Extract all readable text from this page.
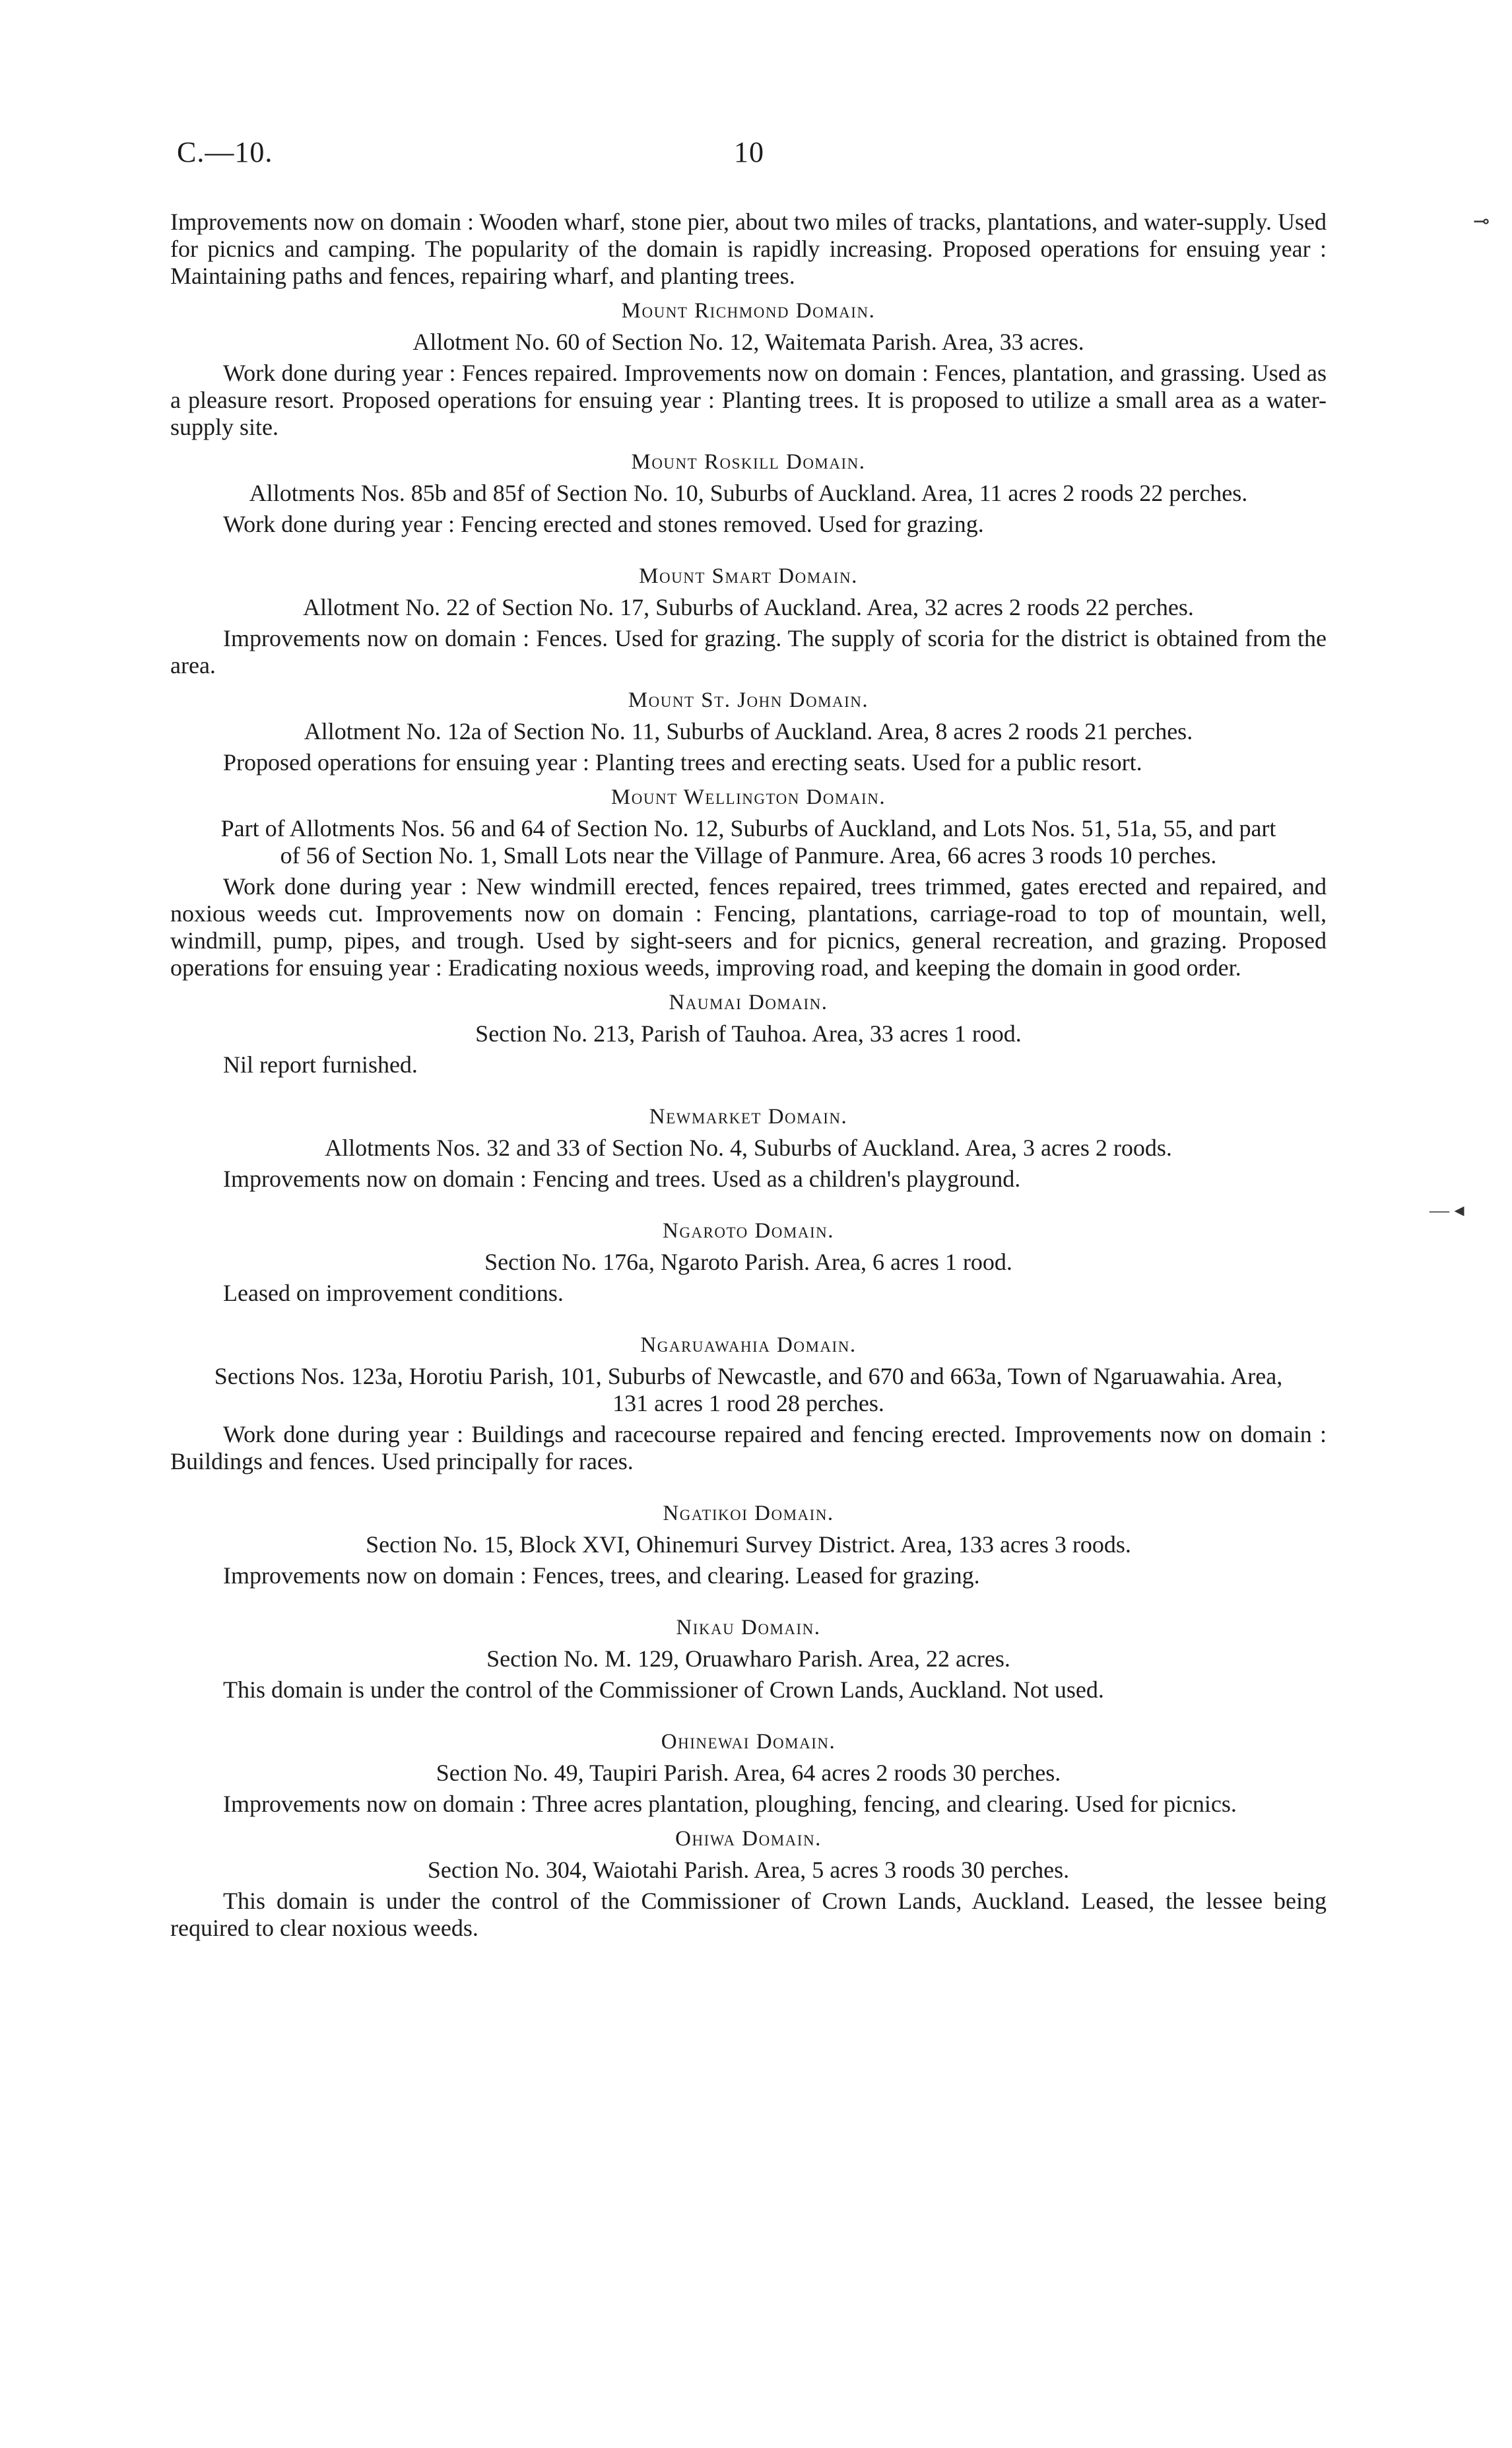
C.—10.	10

Improvements now on domain : Wooden wharf, stone pier, about two miles of tracks, plantations, and water-supply. Used for picnics and camping. The popularity of the domain is rapidly increasing. Proposed operations for ensuing year : Maintaining paths and fences, repairing wharf, and planting trees.

Mount Richmond Domain.
Allotment No. 60 of Section No. 12, Waitemata Parish. Area, 33 acres.

Work done during year : Fences repaired. Improvements now on domain : Fences, plantation, and grassing. Used as a pleasure resort. Proposed operations for ensuing year : Planting trees. It is proposed to utilize a small area as a water-supply site.

Mount Roskill Domain.
Allotments Nos. 85b and 85f of Section No. 10, Suburbs of Auckland. Area, 11 acres 2 roods 22 perches.

Work done during year : Fencing erected and stones removed. Used for grazing.

Mount Smart Domain.
Allotment No. 22 of Section No. 17, Suburbs of Auckland. Area, 32 acres 2 roods 22 perches.

Improvements now on domain : Fences. Used for grazing. The supply of scoria for the district is obtained from the area.

Mount St. John Domain.
Allotment No. 12a of Section No. 11, Suburbs of Auckland. Area, 8 acres 2 roods 21 perches.

Proposed operations for ensuing year : Planting trees and erecting seats. Used for a public resort.

Mount Wellington Domain.
Part of Allotments Nos. 56 and 64 of Section No. 12, Suburbs of Auckland, and Lots Nos. 51, 51a, 55, and part of 56 of Section No. 1, Small Lots near the Village of Panmure. Area, 66 acres 3 roods 10 perches.

Work done during year : New windmill erected, fences repaired, trees trimmed, gates erected and repaired, and noxious weeds cut. Improvements now on domain : Fencing, plantations, carriage-road to top of mountain, well, windmill, pump, pipes, and trough. Used by sight-seers and for picnics, general recreation, and grazing. Proposed operations for ensuing year : Eradicating noxious weeds, improving road, and keeping the domain in good order.

Naumai Domain.
Section No. 213, Parish of Tauhoa. Area, 33 acres 1 rood.

Nil report furnished.

Newmarket Domain.
Allotments Nos. 32 and 33 of Section No. 4, Suburbs of Auckland. Area, 3 acres 2 roods.

Improvements now on domain : Fencing and trees. Used as a children's playground.

Ngaroto Domain.
Section No. 176a, Ngaroto Parish. Area, 6 acres 1 rood.

Leased on improvement conditions.

Ngaruawahia Domain.
Sections Nos. 123a, Horotiu Parish, 101, Suburbs of Newcastle, and 670 and 663a, Town of Ngaruawahia. Area, 131 acres 1 rood 28 perches.

Work done during year : Buildings and racecourse repaired and fencing erected. Improvements now on domain : Buildings and fences. Used principally for races.

Ngatikoi Domain.
Section No. 15, Block XVI, Ohinemuri Survey District. Area, 133 acres 3 roods.

Improvements now on domain : Fences, trees, and clearing. Leased for grazing.

Nikau Domain.
Section No. M. 129, Oruawharo Parish. Area, 22 acres.

This domain is under the control of the Commissioner of Crown Lands, Auckland. Not used.

Ohinewai Domain.
Section No. 49, Taupiri Parish. Area, 64 acres 2 roods 30 perches.

Improvements now on domain : Three acres plantation, ploughing, fencing, and clearing. Used for picnics.

Ohiwa Domain.
Section No. 304, Waiotahi Parish. Area, 5 acres 3 roods 30 perches.

This domain is under the control of the Commissioner of Crown Lands, Auckland. Leased, the lessee being required to clear noxious weeds.

⊸
— ◂
